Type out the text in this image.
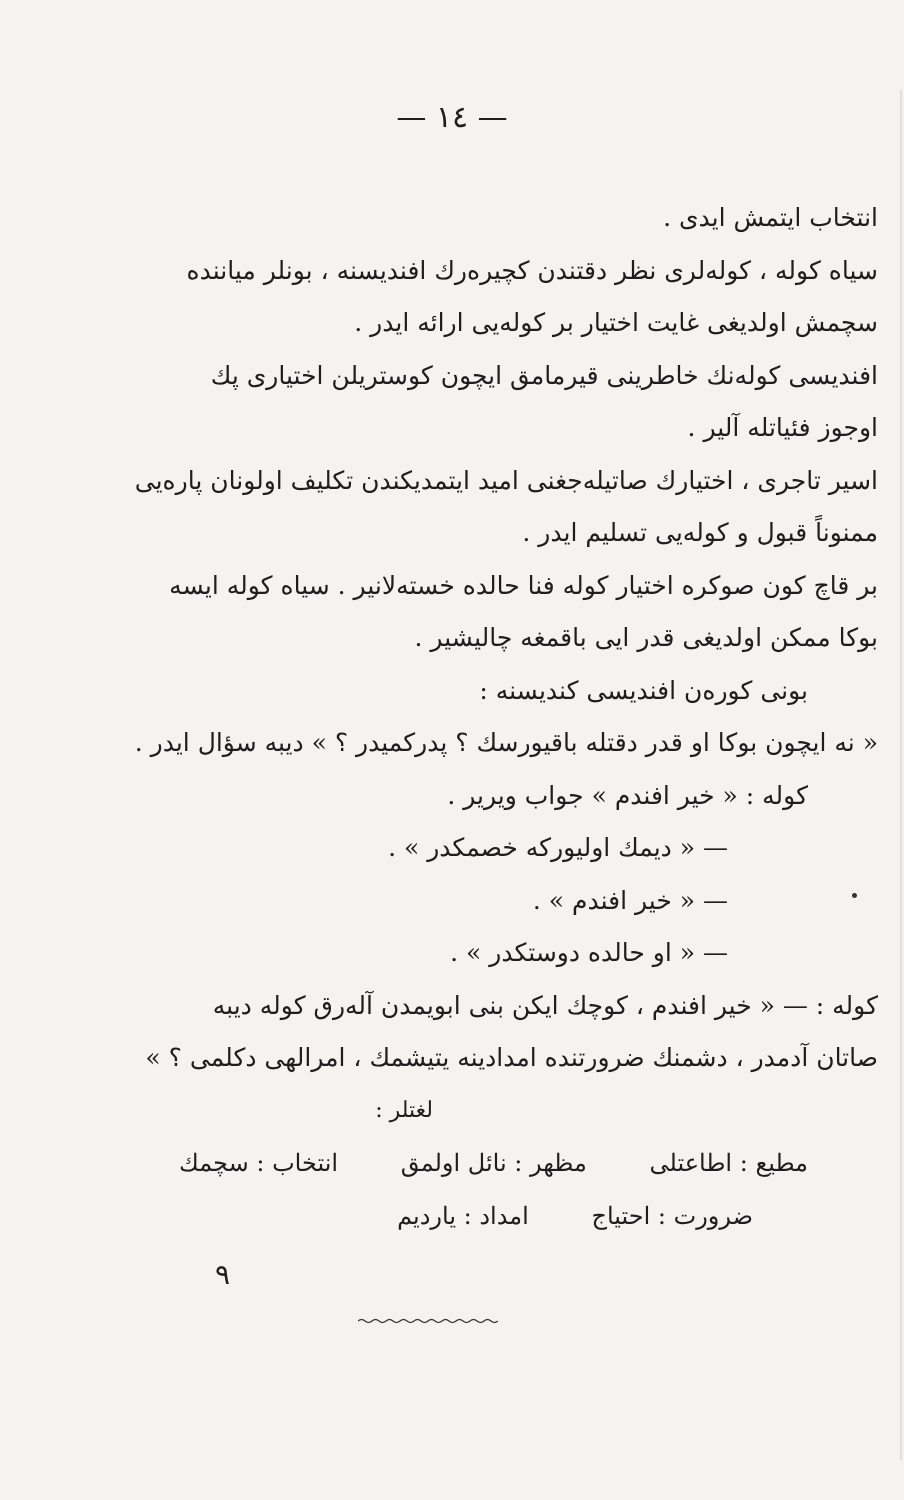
— ١٤ —
انتخاب ایتمش ایدی .
سیاه کوله ، کوله‌لری نظر دقتندن کچیره‌رك افندیسنه ، بونلر میاننده
سچمش اولدیغی غایت اختیار بر کوله‌یی ارائه ایدر .
افندیسی کوله‌نك خاطرینی قیرمامق ایچون کوستریلن اختیاری پك
اوجوز فئیاتله آلیر .
اسیر تاجری ، اختیارك صاتیله‌جغنی امید ایتمدیکندن تکلیف اولونان پاره‌یی
ممنوناً قبول و کوله‌یی تسلیم ایدر .
بر قاچ کون صوکره اختیار کوله فنا حالده خسته‌لانیر . سیاه کوله ایسه
بوکا ممکن اولدیغی قدر ایی باقمغه چالیشیر .
بونی کوره‌ن افندیسی کندیسنه :
« نه ایچون بوکا او قدر دقتله باقیورسك ؟ پدرکمیدر ؟ » دیبه سؤال ایدر .
کوله : « خیر افندم » جواب ویریر .
— « دیمك اولیورکه خصمکدر » .
— « خیر افندم » .
— « او حالده دوستکدر » .
کوله : — « خیر افندم ، کوچك ایکن بنی ابویمدن آله‌رق کوله دیبه
صاتان آدمدر ، دشمنك ضرورتنده امدادینه یتیشمك ، امرالهی دکلمی ؟ »
لغتلر :
مطیع : اطاعتلی مظهر : نائل اولمق انتخاب : سچمك
ضرورت : احتیاج امداد : یاردیم
٩
